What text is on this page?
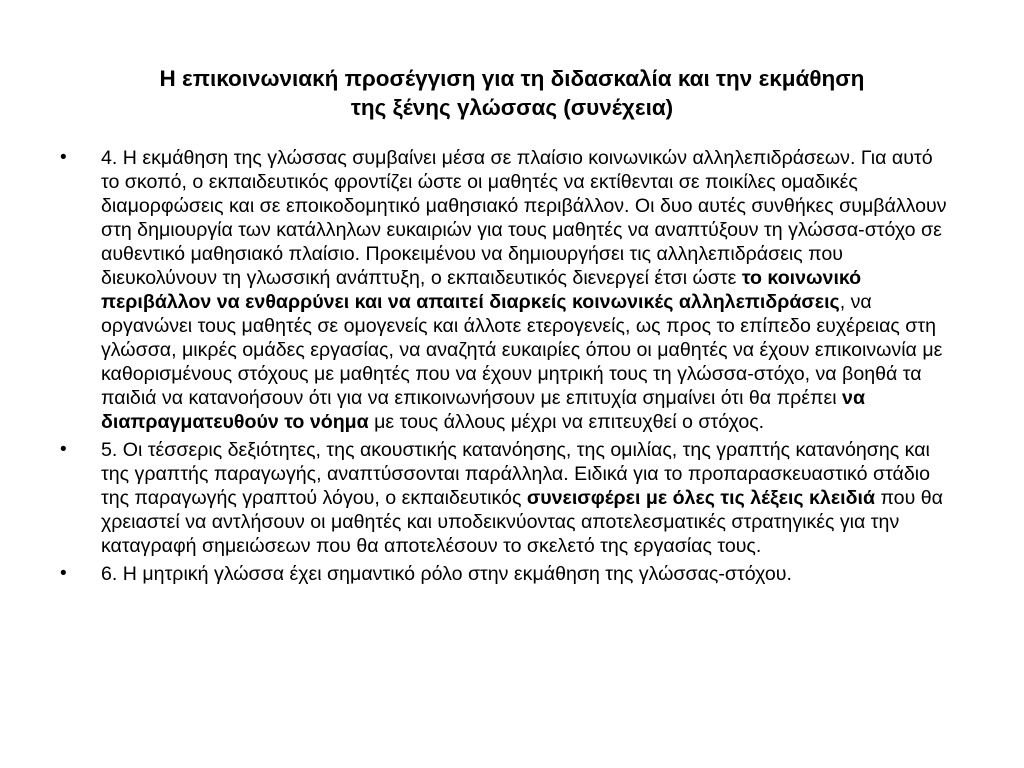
Η επικοινωνιακή προσέγγιση για τη διδασκαλία και την εκμάθηση
της ξένης γλώσσας (συνέχεια)
• 4. Η εκμάθηση της γλώσσας συμβαίνει μέσα σε πλαίσιο κοινωνικών αλληλεπιδράσεων. Για αυτό το σκοπό, ο εκπαιδευτικός φροντίζει ώστε οι μαθητές να εκτίθενται σε ποικίλες ομαδικές διαμορφώσεις και σε εποικοδομητικό μαθησιακό περιβάλλον. Οι δυο αυτές συνθήκες συμβάλλουν στη δημιουργία των κατάλληλων ευκαιριών για τους μαθητές να αναπτύξουν τη γλώσσα-στόχο σε αυθεντικό μαθησιακό πλαίσιο. Προκειμένου να δημιουργήσει τις αλληλεπιδράσεις που διευκολύνουν τη γλωσσική ανάπτυξη, ο εκπαιδευτικός διενεργεί έτσι ώστε το κοινωνικό περιβάλλον να ενθαρρύνει και να απαιτεί διαρκείς κοινωνικές αλληλεπιδράσεις, να οργανώνει τους μαθητές σε ομογενείς και άλλοτε ετερογενείς, ως προς το επίπεδο ευχέρειας στη γλώσσα, μικρές ομάδες εργασίας, να αναζητά ευκαιρίες όπου οι μαθητές να έχουν επικοινωνία με καθορισμένους στόχους με μαθητές που να έχουν μητρική τους τη γλώσσα-στόχο, να βοηθά τα παιδιά να κατανοήσουν ότι για να επικοινωνήσουν με επιτυχία σημαίνει ότι θα πρέπει να διαπραγματευθούν το νόημα με τους άλλους μέχρι να επιτευχθεί ο στόχος.
• 5. Οι τέσσερις δεξιότητες, της ακουστικής κατανόησης, της ομιλίας, της γραπτής κατανόησης και της γραπτής παραγωγής, αναπτύσσονται παράλληλα. Ειδικά για το προπαρασκευαστικό στάδιο της παραγωγής γραπτού λόγου, ο εκπαιδευτικός συνεισφέρει με όλες τις λέξεις κλειδιά που θα χρειαστεί να αντλήσουν οι μαθητές και υποδεικνύοντας αποτελεσματικές στρατηγικές για την καταγραφή σημειώσεων που θα αποτελέσουν το σκελετό της εργασίας τους.
• 6. Η μητρική γλώσσα έχει σημαντικό ρόλο στην εκμάθηση της γλώσσας-στόχου.
